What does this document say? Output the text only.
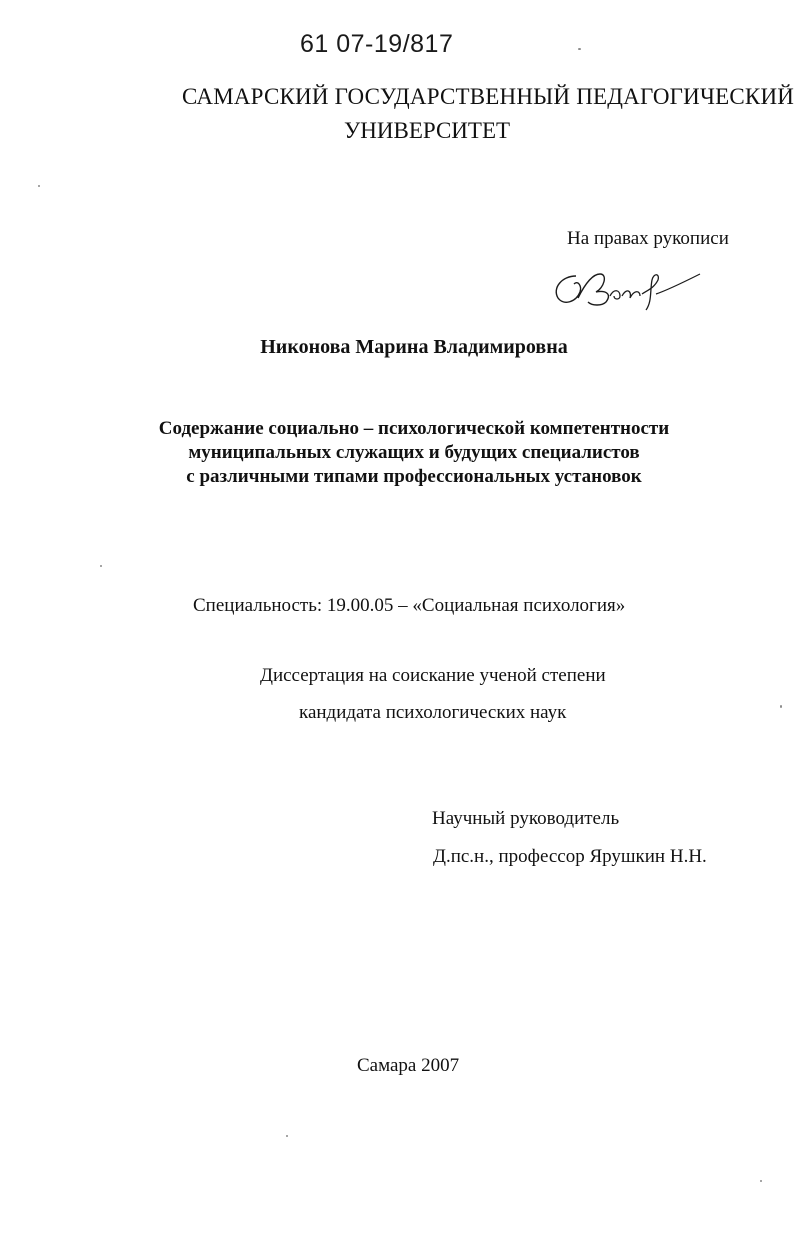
61 07-19/817
САМАРСКИЙ ГОСУДАРСТВЕННЫЙ ПЕДАГОГИЧЕСКИЙ
УНИВЕРСИТЕТ
На правах рукописи
Никонова Марина Владимировна
Содержание социально – психологической компетентности
муниципальных служащих и будущих специалистов
с различными типами профессиональных установок
Специальность: 19.00.05 – «Социальная психология»
Диссертация на соискание ученой степени
кандидата психологических наук
Научный руководитель
Д.пс.н., профессор Ярушкин Н.Н.
Самара 2007
